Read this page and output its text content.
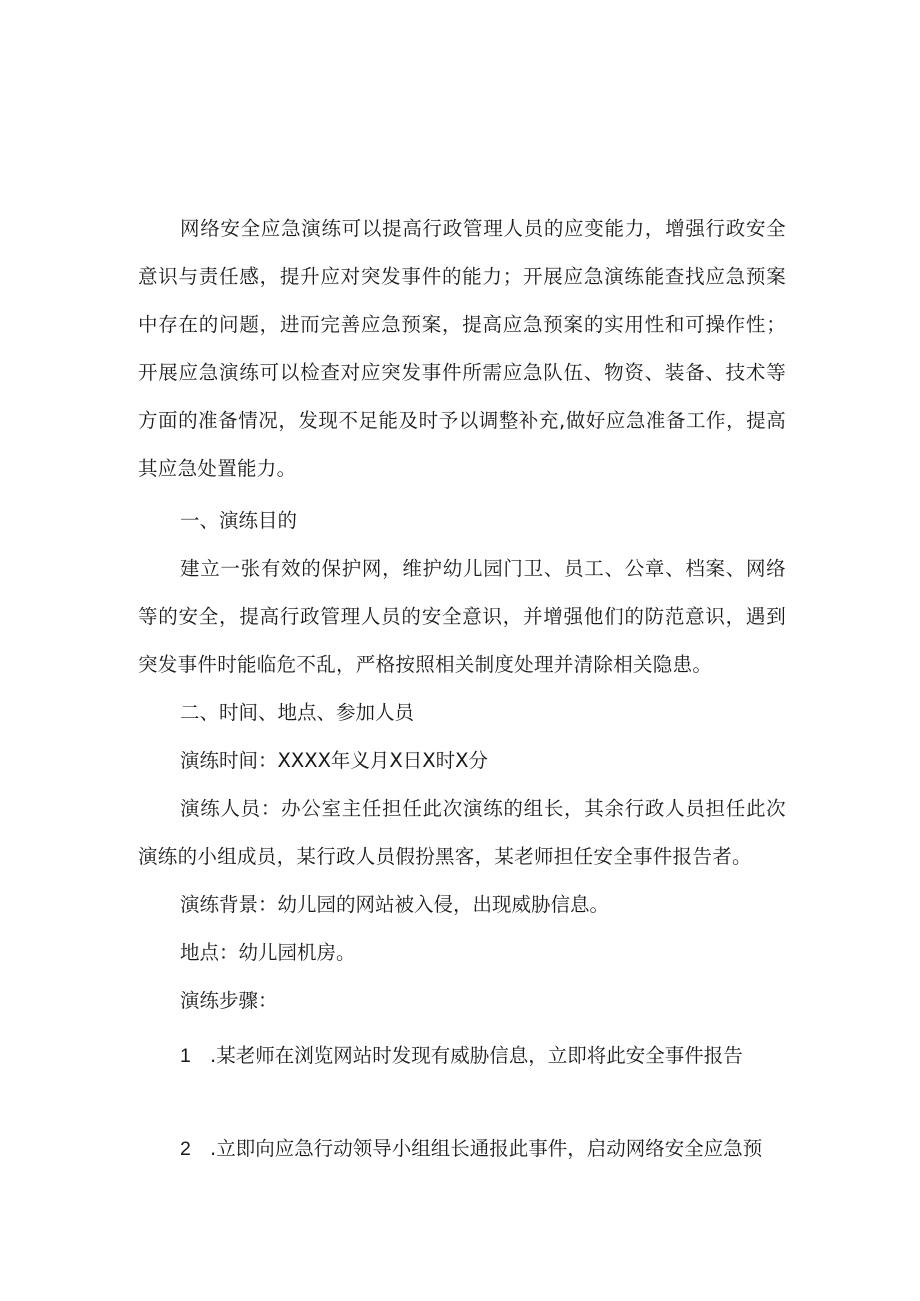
网络安全应急演练可以提高行政管理人员的应变能力，增强行政安全意识与责任感，提升应对突发事件的能力；开展应急演练能查找应急预案中存在的问题，进而完善应急预案，提高应急预案的实用性和可操作性；开展应急演练可以检查对应突发事件所需应急队伍、物资、装备、技术等方面的准备情况，发现不足能及时予以调整补充,做好应急准备工作，提高其应急处置能力。

一、演练目的

建立一张有效的保护网，维护幼儿园门卫、员工、公章、档案、网络等的安全，提高行政管理人员的安全意识，并增强他们的防范意识，遇到突发事件时能临危不乱，严格按照相关制度处理并清除相关隐患。

二、时间、地点、参加人员

演练时间：XXXX年义月X日X时X分

演练人员：办公室主任担任此次演练的组长，其余行政人员担任此次演练的小组成员，某行政人员假扮黑客，某老师担任安全事件报告者。

演练背景：幼儿园的网站被入侵，出现威胁信息。

地点：幼儿园机房。

演练步骤：

1 .某老师在浏览网站时发现有威胁信息，立即将此安全事件报告

2 .立即向应急行动领导小组组长通报此事件，启动网络安全应急预
